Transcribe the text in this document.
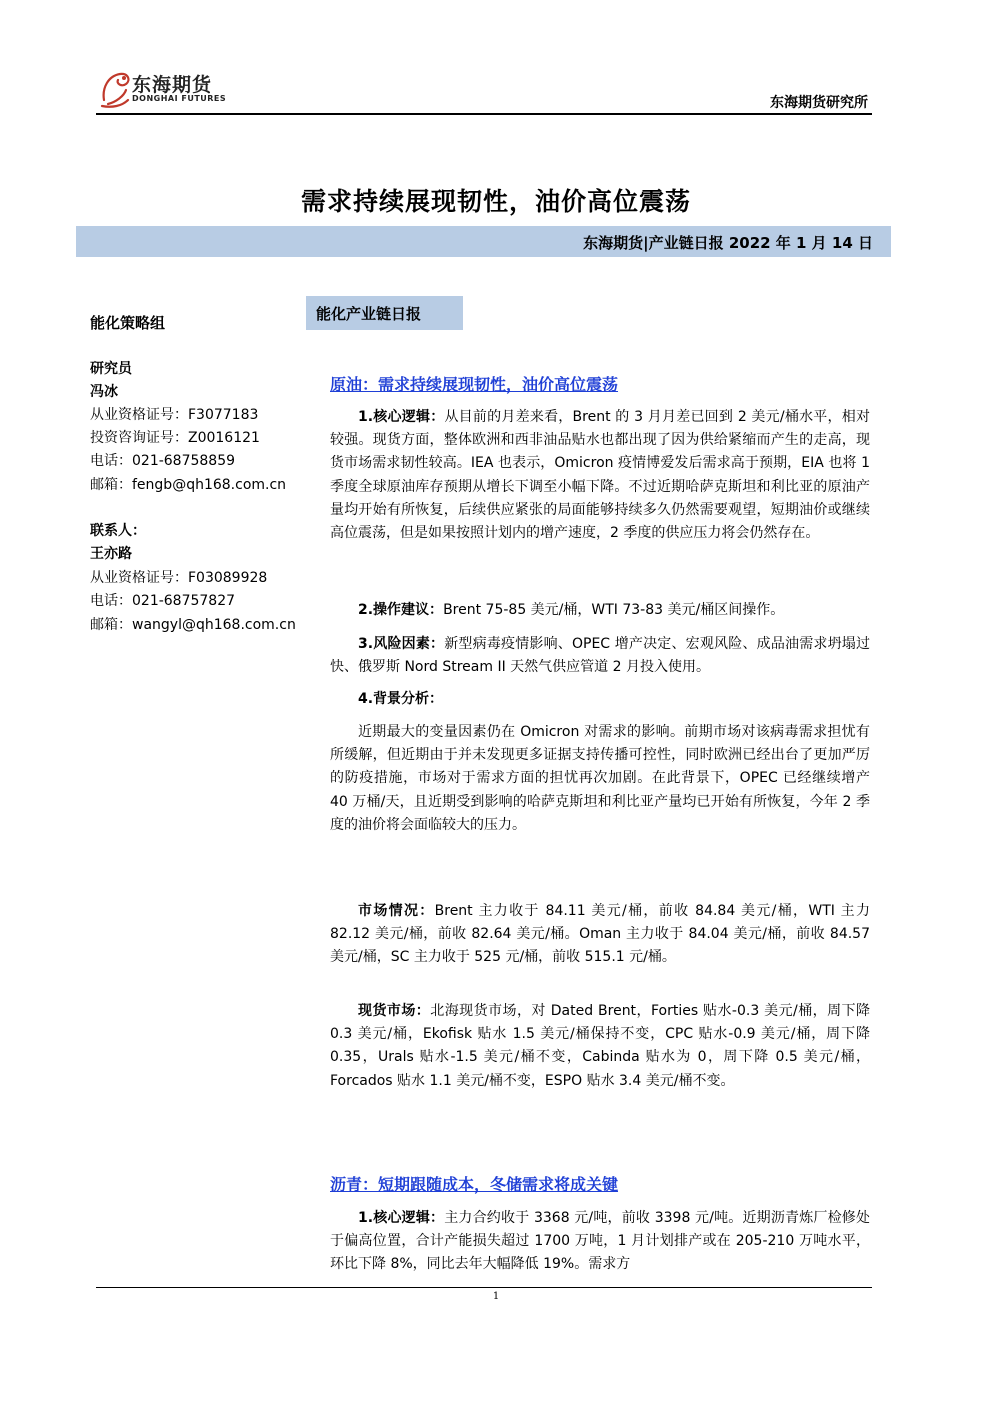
东海期货
DONGHAI FUTURES	东海期货研究所
需求持续展现韧性，油价高位震荡
东海期货|产业链日报 2022 年 1 月 14 日
能化策略组
研究员
冯冰
从业资格证号：F3077183
投资咨询证号：Z0016121
电话：021-68758859
邮箱：fengb@qh168.com.cn
联系人：
王亦路
从业资格证号：F03089928
电话：021-68757827
邮箱：wangyl@qh168.com.cn
能化产业链日报
原油：需求持续展现韧性，油价高位震荡
1.核心逻辑：从目前的月差来看，Brent 的 3 月月差已回到 2 美元/桶水平，相对较强。现货方面，整体欧洲和西非油品贴水也都出现了因为供给紧缩而产生的走高，现货市场需求韧性较高。IEA 也表示，Omicron 疫情博爱发后需求高于预期，EIA 也将 1 季度全球原油库存预期从增长下调至小幅下降。不过近期哈萨克斯坦和利比亚的原油产量均开始有所恢复，后续供应紧张的局面能够持续多久仍然需要观望，短期油价或继续高位震荡，但是如果按照计划内的增产速度，2 季度的供应压力将会仍然存在。
2.操作建议：Brent 75-85 美元/桶，WTI 73-83 美元/桶区间操作。
3.风险因素：新型病毒疫情影响、OPEC 增产决定、宏观风险、成品油需求坍塌过快、俄罗斯 Nord Stream II 天然气供应管道 2 月投入使用。
4.背景分析：
近期最大的变量因素仍在 Omicron 对需求的影响。前期市场对该病毒需求担忧有所缓解，但近期由于并未发现更多证据支持传播可控性，同时欧洲已经出台了更加严厉的防疫措施，市场对于需求方面的担忧再次加剧。在此背景下，OPEC 已经继续增产 40 万桶/天，且近期受到影响的哈萨克斯坦和利比亚产量均已开始有所恢复，今年 2 季度的油价将会面临较大的压力。
市场情况：Brent 主力收于 84.11 美元/桶，前收 84.84 美元/桶，WTI 主力 82.12 美元/桶，前收 82.64 美元/桶。Oman 主力收于 84.04 美元/桶，前收 84.57 美元/桶，SC 主力收于 525 元/桶，前收 515.1 元/桶。
现货市场：北海现货市场，对 Dated Brent，Forties 贴水-0.3 美元/桶，周下降 0.3 美元/桶，Ekofisk 贴水 1.5 美元/桶保持不变，CPC 贴水-0.9 美元/桶，周下降 0.35，Urals 贴水-1.5 美元/桶不变，Cabinda 贴水为 0，周下降 0.5 美元/桶， Forcados 贴水 1.1 美元/桶不变，ESPO 贴水 3.4 美元/桶不变。
沥青：短期跟随成本，冬储需求将成关键
1.核心逻辑：主力合约收于 3368 元/吨，前收 3398 元/吨。近期沥青炼厂检修处于偏高位置，合计产能损失超过 1700 万吨，1 月计划排产或在 205-210 万吨水平，环比下降 8%，同比去年大幅降低 19%。需求方
1
